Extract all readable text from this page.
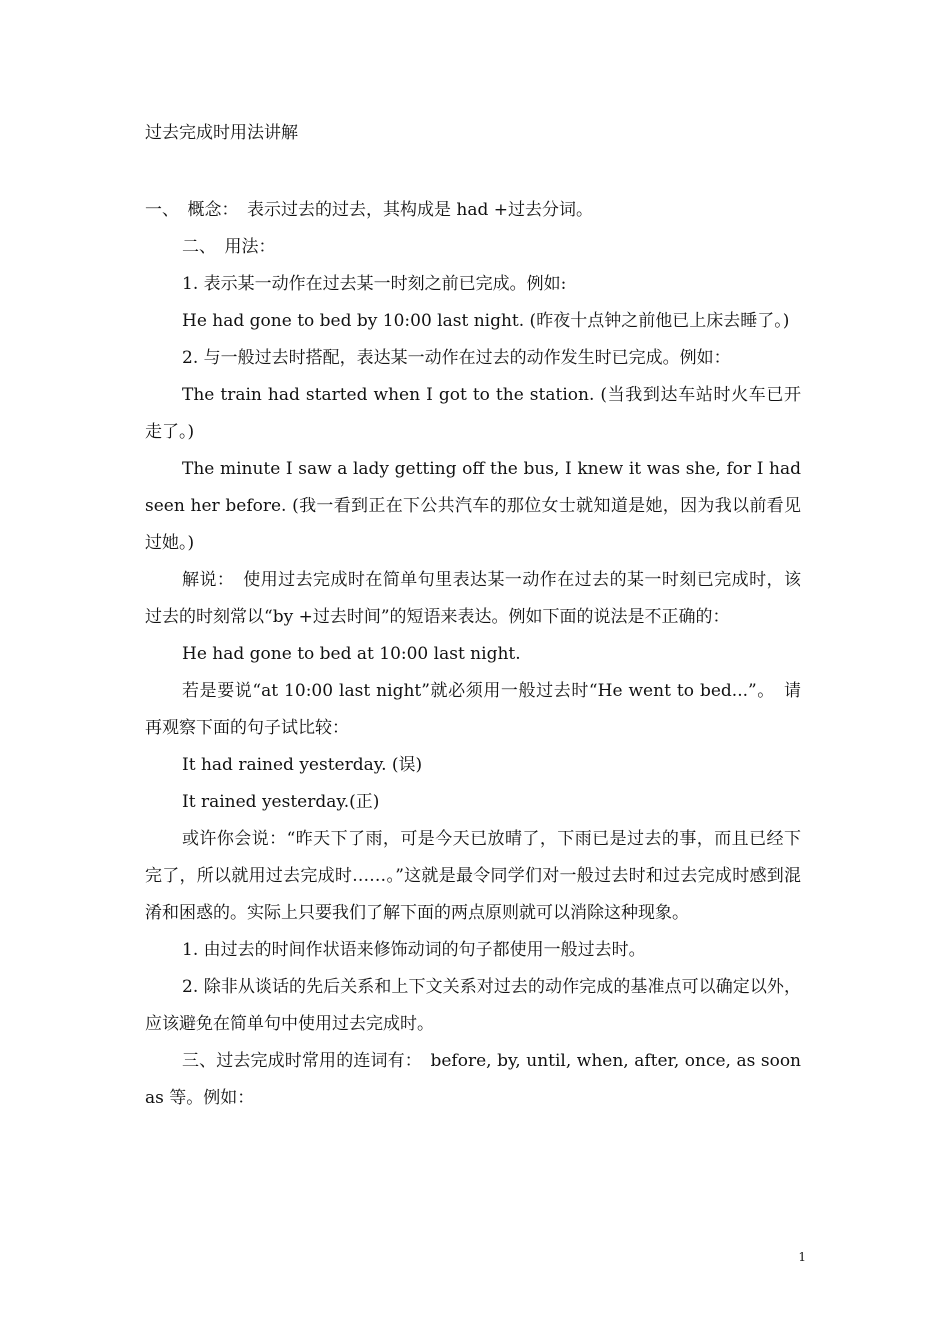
过去完成时用法讲解

一、　概念：　表示过去的过去，其构成是 had +过去分词。

二、　用法：

1. 表示某一动作在过去某一时刻之前已完成。例如:

He had gone to bed by 10:00 last night. (昨夜十点钟之前他已上床去睡了。)

2. 与一般过去时搭配，表达某一动作在过去的动作发生时已完成。例如：

The train had started when I got to the station. (当我到达车站时火车已开走了。)

The minute I saw a lady getting off the bus, I knew it was she, for I had seen her before. (我一看到正在下公共汽车的那位女士就知道是她，因为我以前看见过她。)

解说：　使用过去完成时在简单句里表达某一动作在过去的某一时刻已完成时，该过去的时刻常以“by +过去时间”的短语来表达。例如下面的说法是不正确的：

He had gone to bed at 10:00 last night.

若是要说“at 10:00 last night”就必须用一般过去时“He went to bed...”。　请再观察下面的句子试比较：

It had rained yesterday. (误)

It rained yesterday.(正)

或许你会说：“昨天下了雨，可是今天已放晴了，下雨已是过去的事，而且已经下完了，所以就用过去完成时……。”这就是最令同学们对一般过去时和过去完成时感到混淆和困惑的。实际上只要我们了解下面的两点原则就可以消除这种现象。

1. 由过去的时间作状语来修饰动词的句子都使用一般过去时。

2. 除非从谈话的先后关系和上下文关系对过去的动作完成的基准点可以确定以外，应该避免在简单句中使用过去完成时。

三、过去完成时常用的连词有：　before, by, until, when, after, once, as soon as 等。例如：

1
